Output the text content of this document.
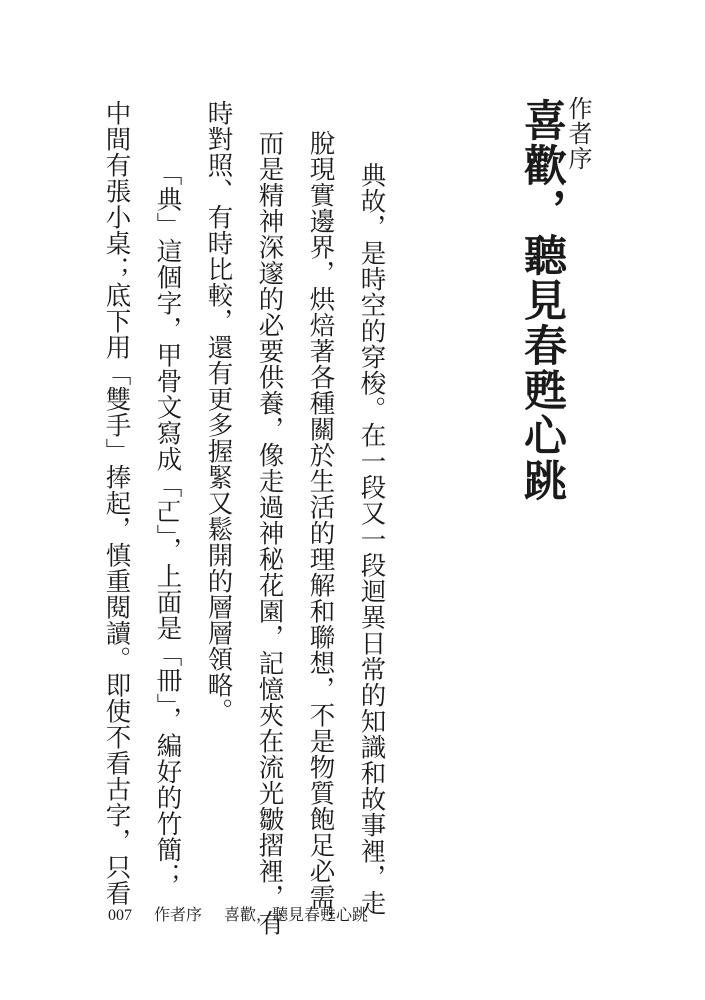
作者序
喜歡，聽見春甦心跳
典故，是時空的穿梭。在一段又一段迴異日常的知識和故事裡，走
脫現實邊界，烘焙著各種關於生活的理解和聯想，不是物質飽足必需，
而是精神深邃的必要供養，像走過神秘花園，記憶夾在流光皺摺裡，有
時對照、有時比較，還有更多握緊又鬆開的層層領略。
「典」這個字，甲骨文寫成「𠀀」，上面是「冊」，編好的竹簡；
中間有張小桌；底下用「雙手」捧起，慎重閱讀。即使不看古字，只看
007 作者序 喜歡，聽見春甦心跳
